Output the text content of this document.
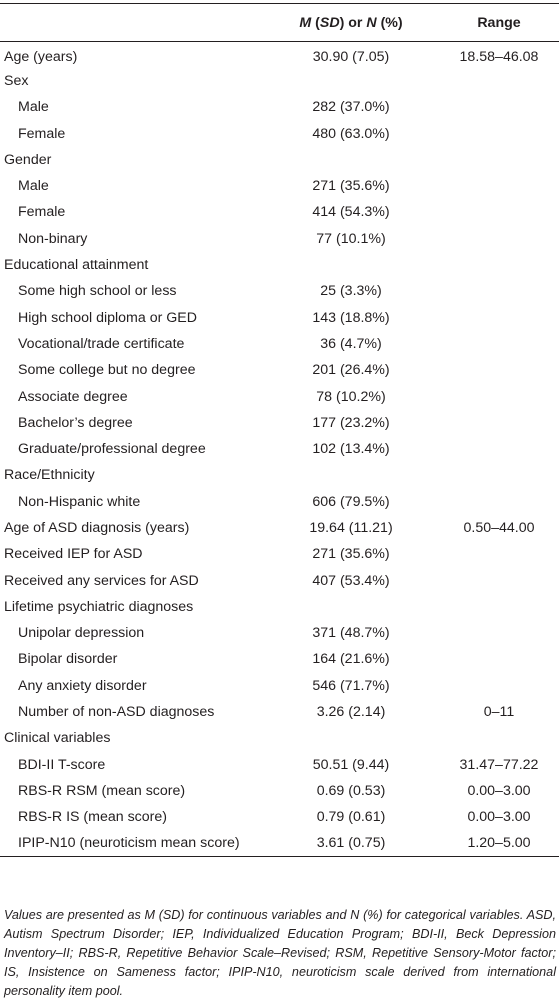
	M (SD) or N (%)	Range
Age (years)	30.90 (7.05)	18.58–46.08
Sex		
Male	282 (37.0%)	
Female	480 (63.0%)	
Gender		
Male	271 (35.6%)	
Female	414 (54.3%)	
Non-binary	77 (10.1%)	
Educational attainment		
Some high school or less	25 (3.3%)	
High school diploma or GED	143 (18.8%)	
Vocational/trade certificate	36 (4.7%)	
Some college but no degree	201 (26.4%)	
Associate degree	78 (10.2%)	
Bachelor’s degree	177 (23.2%)	
Graduate/professional degree	102 (13.4%)	
Race/Ethnicity		
Non-Hispanic white	606 (79.5%)	
Age of ASD diagnosis (years)	19.64 (11.21)	0.50–44.00
Received IEP for ASD	271 (35.6%)	
Received any services for ASD	407 (53.4%)	
Lifetime psychiatric diagnoses		
Unipolar depression	371 (48.7%)	
Bipolar disorder	164 (21.6%)	
Any anxiety disorder	546 (71.7%)	
Number of non-ASD diagnoses	3.26 (2.14)	0–11
Clinical variables		
BDI-II T-score	50.51 (9.44)	31.47–77.22
RBS-R RSM (mean score)	0.69 (0.53)	0.00–3.00
RBS-R IS (mean score)	0.79 (0.61)	0.00–3.00
IPIP-N10 (neuroticism mean score)	3.61 (0.75)	1.20–5.00

Values are presented as M (SD) for continuous variables and N (%) for categorical variables. ASD, Autism Spectrum Disorder; IEP, Individualized Education Program; BDI-II, Beck Depression Inventory–II; RBS-R, Repetitive Behavior Scale–Revised; RSM, Repetitive Sensory-Motor factor; IS, Insistence on Sameness factor; IPIP-N10, neuroticism scale derived from international personality item pool.
